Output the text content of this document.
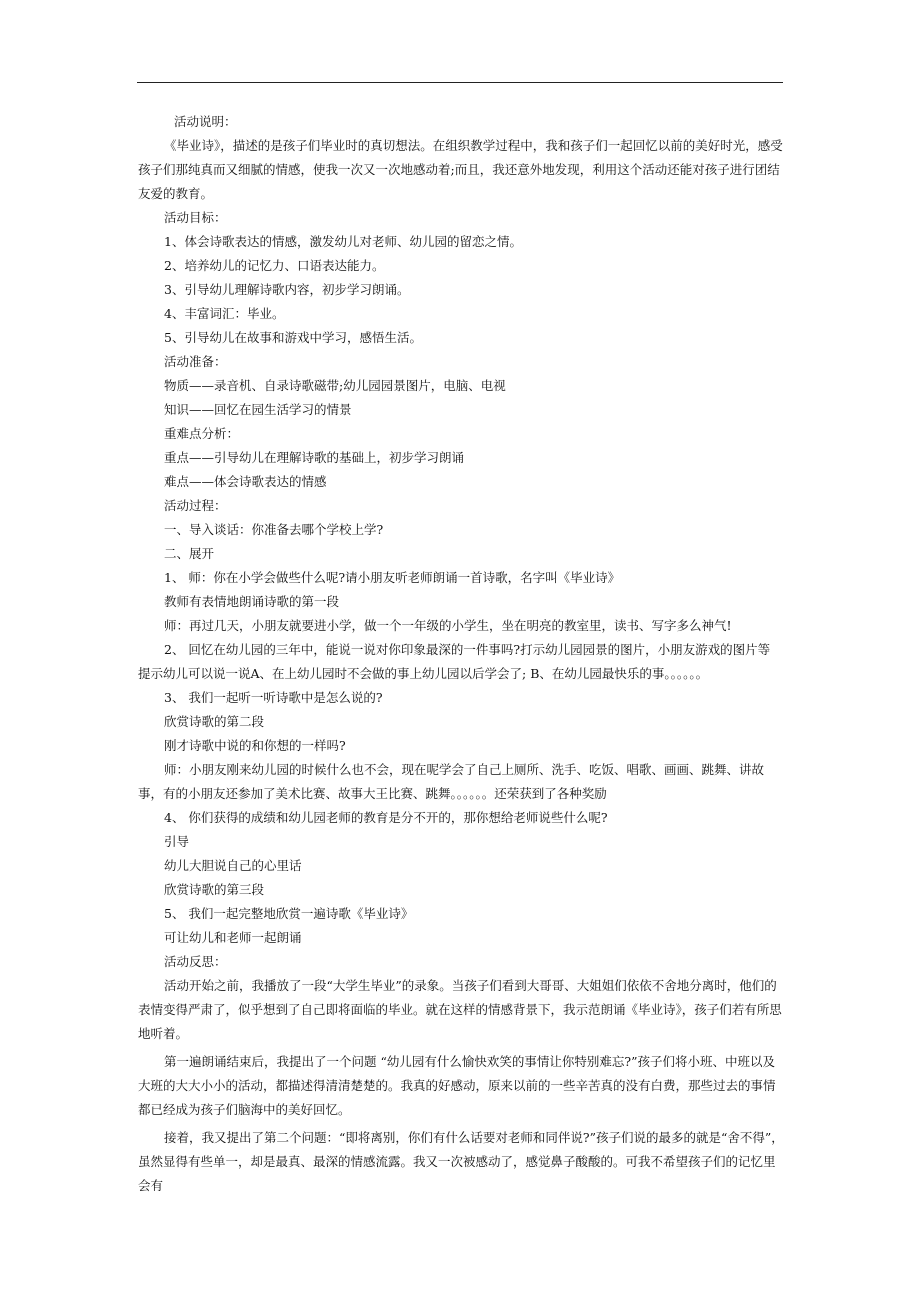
活动说明：

《毕业诗》，描述的是孩子们毕业时的真切想法。在组织教学过程中，我和孩子们一起回忆以前的美好时光，感受孩子们那纯真而又细腻的情感，使我一次又一次地感动着;而且，我还意外地发现，利用这个活动还能对孩子进行团结友爱的教育。

活动目标：

1、体会诗歌表达的情感，激发幼儿对老师、幼儿园的留恋之情。

2、培养幼儿的记忆力、口语表达能力。

3、引导幼儿理解诗歌内容，初步学习朗诵。

4、丰富词汇：毕业。

5、引导幼儿在故事和游戏中学习，感悟生活。

活动准备：

物质——录音机、自录诗歌磁带;幼儿园园景图片，电脑、电视

知识——回忆在园生活学习的情景

重难点分析：

重点——引导幼儿在理解诗歌的基础上，初步学习朗诵

难点——体会诗歌表达的情感

活动过程：

一、导入谈话：你准备去哪个学校上学?

二、展开

1、 师：你在小学会做些什么呢?请小朋友听老师朗诵一首诗歌，名字叫《毕业诗》

教师有表情地朗诵诗歌的第一段

师：再过几天，小朋友就要进小学，做一个一年级的小学生，坐在明亮的教室里，读书、写字多么神气!

2、 回忆在幼儿园的三年中，能说一说对你印象最深的一件事吗?打示幼儿园园景的图片，小朋友游戏的图片等 提示幼儿可以说一说A、在上幼儿园时不会做的事上幼儿园以后学会了; B、在幼儿园最快乐的事。。。。。。

3、 我们一起听一听诗歌中是怎么说的?

欣赏诗歌的第二段

刚才诗歌中说的和你想的一样吗?

师：小朋友刚来幼儿园的时候什么也不会，现在呢学会了自己上厕所、洗手、吃饭、唱歌、画画、跳舞、讲故事，有的小朋友还参加了美术比赛、故事大王比赛、跳舞。。。。。。还荣获到了各种奖励

4、 你们获得的成绩和幼儿园老师的教育是分不开的，那你想给老师说些什么呢?

引导

幼儿大胆说自己的心里话

欣赏诗歌的第三段

5、 我们一起完整地欣赏一遍诗歌《毕业诗》

可让幼儿和老师一起朗诵

活动反思：

活动开始之前，我播放了一段“大学生毕业”的录象。当孩子们看到大哥哥、大姐姐们依依不舍地分离时，他们的表情变得严肃了，似乎想到了自己即将面临的毕业。就在这样的情感背景下，我示范朗诵《毕业诗》，孩子们若有所思地听着。

第一遍朗诵结束后，我提出了一个问题 “幼儿园有什么愉快欢笑的事情让你特别难忘?”孩子们将小班、中班以及大班的大大小小的活动，都描述得清清楚楚的。我真的好感动，原来以前的一些辛苦真的没有白费，那些过去的事情都已经成为孩子们脑海中的美好回忆。

接着，我又提出了第二个问题：“即将离别，你们有什么话要对老师和同伴说?”孩子们说的最多的就是“舍不得”，虽然显得有些单一，却是最真、最深的情感流露。我又一次被感动了，感觉鼻子酸酸的。可我不希望孩子们的记忆里会有
